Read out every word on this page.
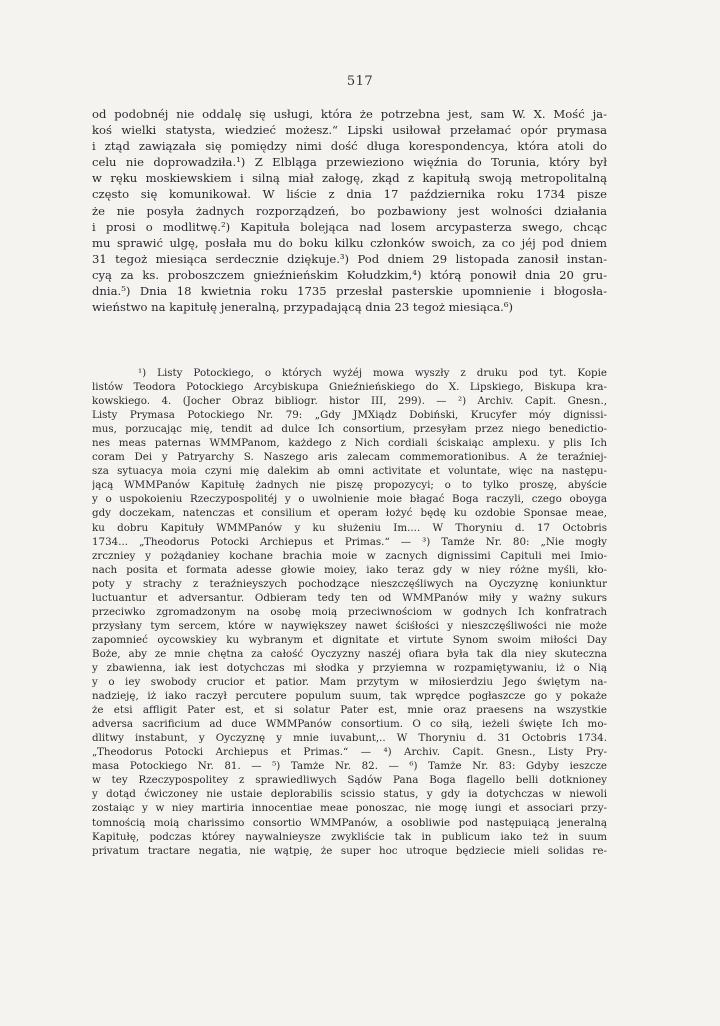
517
od podobnéj nie oddalę się usługi, która że potrzebna jest, sam W. X. Mość ja-
koś wielki statysta, wiedzieć możesz.“ Lipski usiłował przełamać opór prymasa
i ztąd zawiązała się pomiędzy nimi dość długa korespondencya, która atoli do
celu nie doprowadziła.¹) Z Elbląga przewieziono więźnia do Torunia, który był
w ręku moskiewskiem i silną miał załogę, zkąd z kapitułą swoją metropolitalną
często się komunikował. W liście z dnia 17 października roku 1734 pisze
że nie posyła żadnych rozporządzeń, bo pozbawiony jest wolności działania
i prosi o modlitwę.²) Kapituła bolejąca nad losem arcypasterza swego, chcąc
mu sprawić ulgę, posłała mu do boku kilku członków swoich, za co jéj pod dniem
31 tegoż miesiąca serdecznie dziękuje.³) Pod dniem 29 listopada zanosił instan-
cyą za ks. proboszczem gnieźnieńskim Kołudzkim,⁴) którą ponowił dnia 20 gru-
dnia.⁵) Dnia 18 kwietnia roku 1735 przesłał pasterskie upomnienie i błogosła-
wieństwo na kapitułę jeneralną, przypadającą dnia 23 tegoż miesiąca.⁶)
¹) Listy Potockiego, o których wyżéj mowa wyszły z druku pod tyt. Kopie
listów Teodora Potockiego Arcybiskupa Gnieźnieńskiego do X. Lipskiego, Biskupa kra-
kowskiego. 4. (Jocher Obraz bibliogr. histor III, 299). — ²) Archiv. Capit. Gnesn.,
Listy Prymasa Potockiego Nr. 79: „Gdy JMXiądz Dobiński, Krucyfer móy dignissi-
mus, porzucając mię, tendit ad dulce Ich consortium, przesyłam przez niego benedictio-
nes meas paternas WMMPanom, każdego z Nich cordiali ściskaiąc amplexu. y plis Ich
coram Dei y Patryarchy S. Naszego aris zalecam commemorationibus. A że teraźniej-
sza sytuacya moia czyni mię dalekim ab omni activitate et voluntate, więc na następu-
jącą WMMPanów Kapitułę żadnych nie piszę propozycyi; o to tylko proszę, abyście
y o uspokoieniu Rzeczypospolitéj y o uwolnienie moie błagać Boga raczyli, czego obоyga
gdy doczekam, natenczas et consilium et operam łożyć będę ku ozdobie Sponsae meae,
ku dobru Kapituły WMMPanów y ku służeniu Im.... W Thorуniu d. 17 Octobris
1734... „Theodorus Potocki Archiepus et Primas.“ — ³) Tamże Nr. 80: „Nie mogły
zrczniey y pożądaniey kochane brachia moie w zacnych dignissimi Capituli mei Imio-
nach posita et formata adesse głowie moiey, iako teraz gdy w niey różne myśli, kło-
poty y strachy z teraźnieyszych pochodzące nieszczęśliwych na Oyczyznę koniunktur
luctuantur et adversantur. Odbieram tedy ten od WMMPanów miły y ważny sukurs
przeciwko zgromadzonym na osobę moią przeciwnościom w godnych Ich konfratrach
przysłany tym sercem, które w naywiększey nawet ściśłości y nieszczęśliwości nie może
zapomnieć oycowskiey ku wybranym et dignitate et virtute Synom swoim miłości Day
Boże, aby ze mnie chętna za całość Oyczyzny naszéj ofiara była tak dla niey skuteczna
y zbawienna, iak iest dotychczas mi słodka y przyiemna w rozpamiętywaniu, iż o Nią
y o iey swobody crucior et patior. Mam przytym w miłosierdziu Jego świętym na-
nadzieję, iż iako raczył percutere populum suum, tak wprędce pogłaszcze go y pokaże
że etsi affligit Pater est, et si solatur Pater est, mnie oraz praesens na wszystkie
adversa sacrificium ad duce WMMPanów consortium. O co siłą, ieżeli święte Ich mo-
dlitwy instabunt, y Oyczyznę y mnie iuvabunt,.. W Thorуniu d. 31 Octobris 1734.
„Theodorus Potocki Archiepus et Primas.“ — ⁴) Archiv. Capit. Gnesn., Listy Pry-
masa Potockiego Nr. 81. — ⁵) Tamże Nr. 82. — ⁶) Tamże Nr. 83: Gdyby ieszcze
w tey Rzeczypospolitey z sprawiedliwych Sądów Pana Boga flagello belli dotknioney
y dotąd ćwiczoney nie ustaie deplorabilis scissio status, y gdy ia dotychczas w niewoli
zostaiąc y w niey martiria innocentiae meae ponoszac, nie mogę iungi et associari przy-
tomnością moią charissimo consortio WMMPanów, a osobliwie pod następuiącą jeneralną
Kapitułę, podczas którey naywalnieysze zwykliście tak in publicum iako też in suum
privatum tractare negatia, nie wątpię, że super hoc utroque będziecie mieli solidas re-
